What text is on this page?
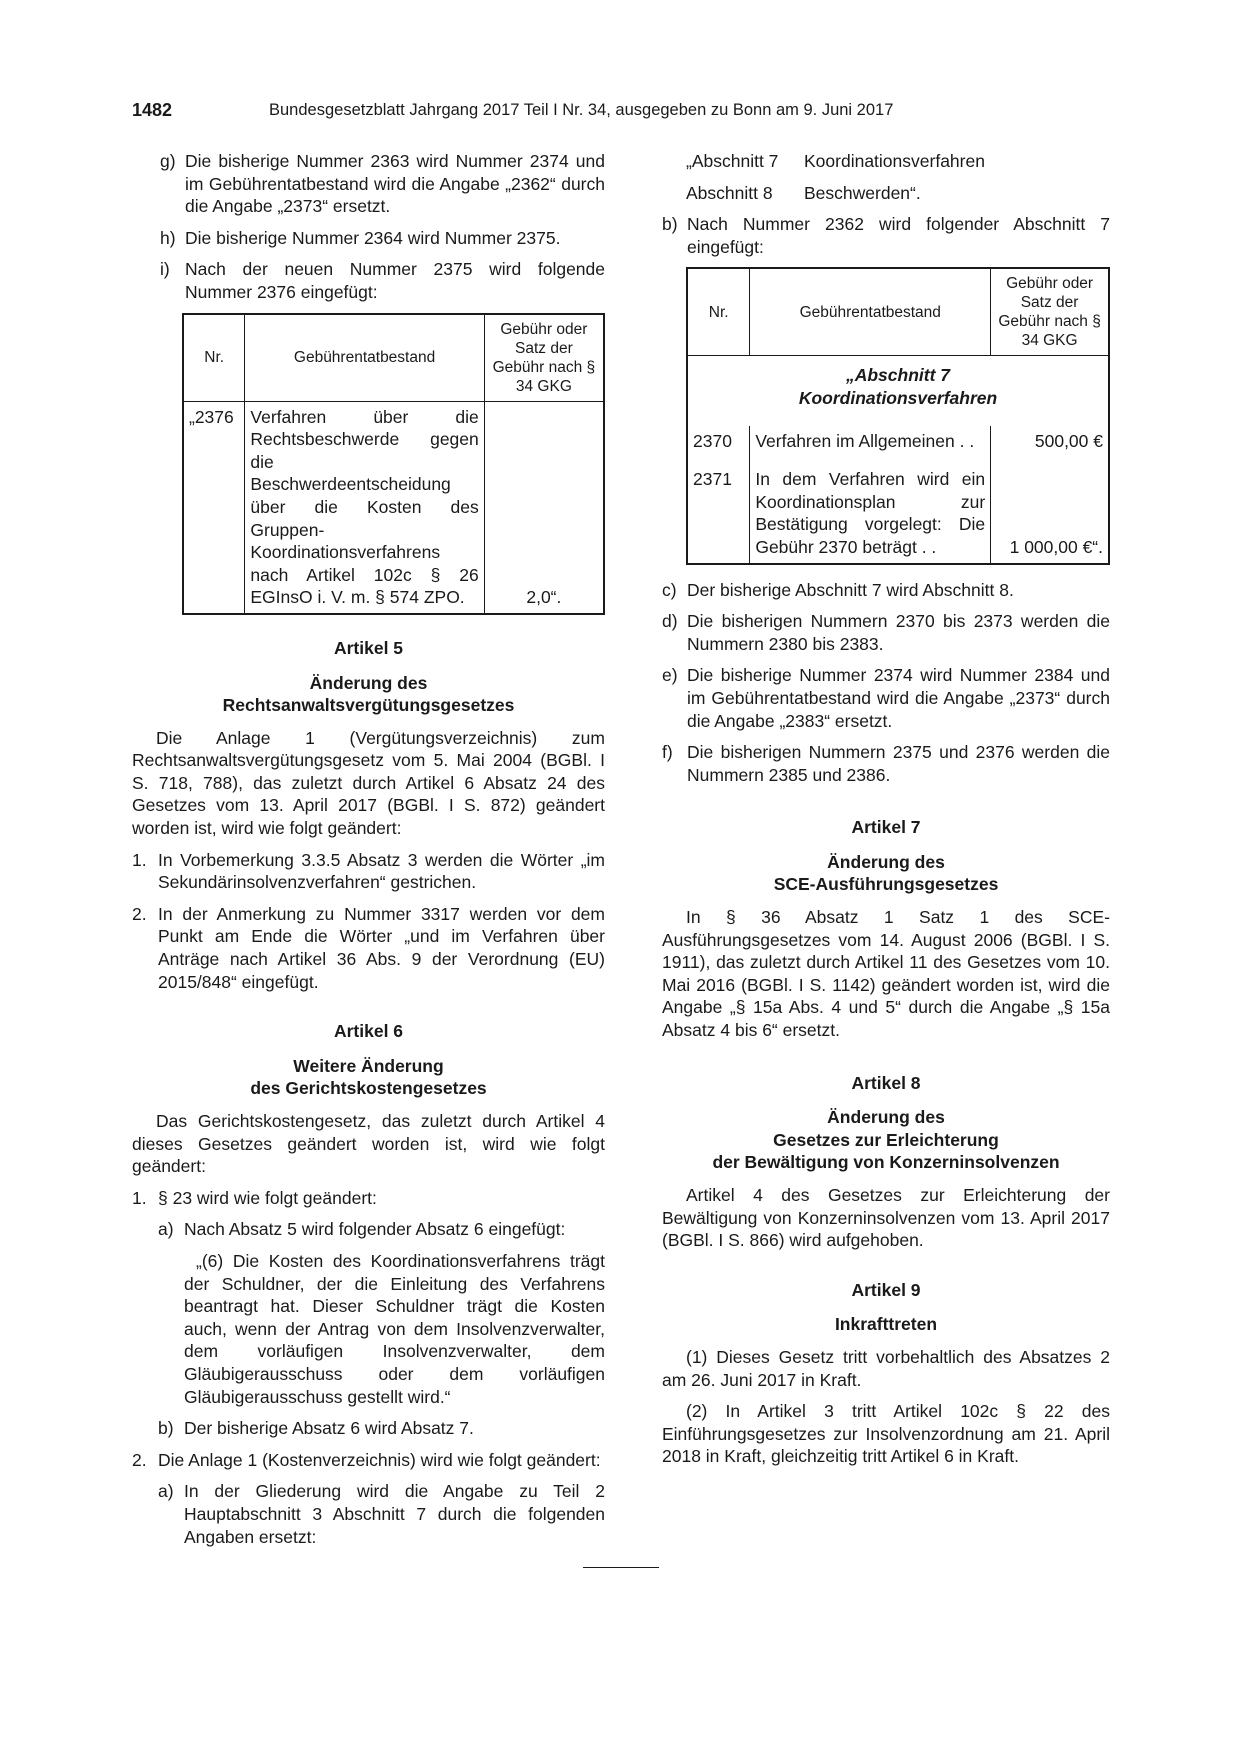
1482	Bundesgesetzblatt Jahrgang 2017 Teil I Nr. 34, ausgegeben zu Bonn am 9. Juni 2017
g) Die bisherige Nummer 2363 wird Nummer 2374 und im Gebührentatbestand wird die Angabe „2362“ durch die Angabe „2373“ ersetzt.
h) Die bisherige Nummer 2364 wird Nummer 2375.
i) Nach der neuen Nummer 2375 wird folgende Nummer 2376 eingefügt:
Nr.	Gebührentatbestand	Gebühr oder Satz der Gebühr nach § 34 GKG
„2376	Verfahren über die Rechtsbeschwerde gegen die Beschwerdeentscheidung über die Kosten des Gruppen-Koordinationsverfahrens nach Artikel 102c § 26 EGInsO i. V. m. § 574 ZPO.	2,0“.
Artikel 5
Änderung des
Rechtsanwaltsvergütungsgesetzes

Die Anlage 1 (Vergütungsverzeichnis) zum Rechtsanwaltsvergütungsgesetz vom 5. Mai 2004 (BGBl. I S. 718, 788), das zuletzt durch Artikel 6 Absatz 24 des Gesetzes vom 13. April 2017 (BGBl. I S. 872) geändert worden ist, wird wie folgt geändert:

1. In Vorbemerkung 3.3.5 Absatz 3 werden die Wörter „im Sekundärinsolvenzverfahren“ gestrichen.
2. In der Anmerkung zu Nummer 3317 werden vor dem Punkt am Ende die Wörter „und im Verfahren über Anträge nach Artikel 36 Abs. 9 der Verordnung (EU) 2015/848“ eingefügt.
Artikel 6
Weitere Änderung
des Gerichtskostengesetzes

Das Gerichtskostengesetz, das zuletzt durch Artikel 4 dieses Gesetzes geändert worden ist, wird wie folgt geändert:

1. § 23 wird wie folgt geändert:
a) Nach Absatz 5 wird folgender Absatz 6 eingefügt:

„(6) Die Kosten des Koordinationsverfahrens trägt der Schuldner, der die Einleitung des Verfahrens beantragt hat. Dieser Schuldner trägt die Kosten auch, wenn der Antrag von dem Insolvenzverwalter, dem vorläufigen Insolvenzverwalter, dem Gläubigerausschuss oder dem vorläufigen Gläubigerausschuss gestellt wird.“

b) Der bisherige Absatz 6 wird Absatz 7.
2. Die Anlage 1 (Kostenverzeichnis) wird wie folgt geändert:
a) In der Gliederung wird die Angabe zu Teil 2 Hauptabschnitt 3 Abschnitt 7 durch die folgenden Angaben ersetzt:
„Abschnitt 7	Koordinationsverfahren
Abschnitt 8	Beschwerden“.
b) Nach Nummer 2362 wird folgender Abschnitt 7 eingefügt:
Nr.	Gebührentatbestand	Gebühr oder Satz der Gebühr nach § 34 GKG

„Abschnitt 7
Koordinationsverfahren		

2370	Verfahren im Allgemeinen . .	500,00 €
2371	In dem Verfahren wird ein Koordinationsplan zur Bestätigung vorgelegt: Die Gebühr 2370 beträgt . .	1 000,00 €“.
c) Der bisherige Abschnitt 7 wird Abschnitt 8.
d) Die bisherigen Nummern 2370 bis 2373 werden die Nummern 2380 bis 2383.
e) Die bisherige Nummer 2374 wird Nummer 2384 und im Gebührentatbestand wird die Angabe „2373“ durch die Angabe „2383“ ersetzt.
f) Die bisherigen Nummern 2375 und 2376 werden die Nummern 2385 und 2386.
Artikel 7
Änderung des
SCE-Ausführungsgesetzes

In § 36 Absatz 1 Satz 1 des SCE-Ausführungsgesetzes vom 14. August 2006 (BGBl. I S. 1911), das zuletzt durch Artikel 11 des Gesetzes vom 10. Mai 2016 (BGBl. I S. 1142) geändert worden ist, wird die Angabe „§ 15a Abs. 4 und 5“ durch die Angabe „§ 15a Absatz 4 bis 6“ ersetzt.

Artikel 8
Änderung des
Gesetzes zur Erleichterung
der Bewältigung von Konzerninsolvenzen

Artikel 4 des Gesetzes zur Erleichterung der Bewältigung von Konzerninsolvenzen vom 13. April 2017 (BGBl. I S. 866) wird aufgehoben.

Artikel 9
Inkrafttreten

(1) Dieses Gesetz tritt vorbehaltlich des Absatzes 2 am 26. Juni 2017 in Kraft.

(2) In Artikel 3 tritt Artikel 102c § 22 des Einführungsgesetzes zur Insolvenzordnung am 21. April 2018 in Kraft, gleichzeitig tritt Artikel 6 in Kraft.
